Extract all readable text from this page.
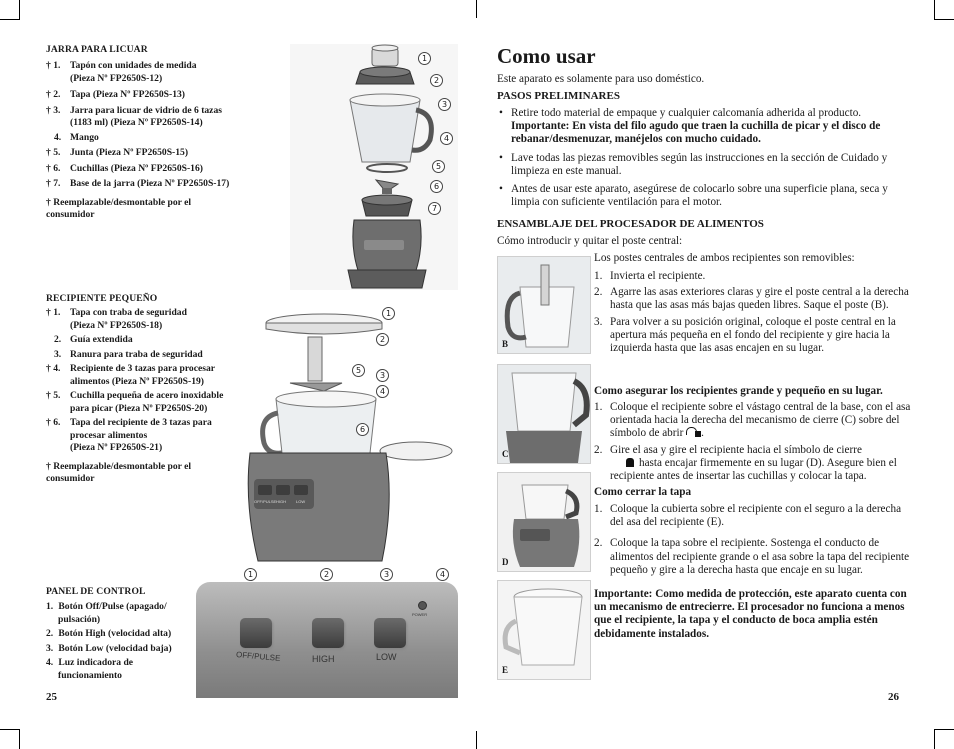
JARRA PARA LICUAR
† 1. Tapón con unidades de medida
(Pieza Nº FP2650S-12)
† 2. Tapa (Pieza Nº FP2650S-13)
† 3. Jarra para licuar de vidrio de 6 tazas
(1183 ml) (Pieza Nº FP2650S-14)
4. Mango
† 5. Junta (Pieza Nº FP2650S-15)
† 6. Cuchillas (Pieza Nº FP2650S-16)
† 7. Base de la jarra (Pieza Nº FP2650S-17)
† Reemplazable/desmontable por el
consumidor
1
2
3
4
5
6
7
RECIPIENTE PEQUEÑO
† 1. Tapa con traba de seguridad
(Pieza Nº FP2650S-18)
2. Guía extendida
3. Ranura para traba de seguridad
† 4. Recipiente de 3 tazas para procesar
alimentos (Pieza Nº FP2650S-19)
† 5. Cuchilla pequeña de acero inoxidable
para picar (Pieza Nº FP2650S-20)
† 6. Tapa del recipiente de 3 tazas para
procesar alimentos
(Pieza Nº FP2650S-21)
† Reemplazable/desmontable por el
consumidor
OFF/PULSE HIGH	LOW
1
2
5
3
4
6
PANEL DE CONTROL
1. Botón Off/Pulse (apagado/
pulsación)
2. Botón High (velocidad alta)
3. Botón Low (velocidad baja)
4. Luz indicadora de
funcionamiento
OFF/PULSE	HIGH	LOW
POWER
1	2	3	4
25
Como usar
Este aparato es solamente para uso doméstico.
PASOS PRELIMINARES
• Retire todo material de empaque y cualquier calcomanía adherida al producto.
Importante: En vista del filo agudo que traen la cuchilla de picar y el disco de rebanar/desmenuzar, manéjelos con mucho cuidado.
• Lave todas las piezas removibles según las instrucciones en la sección de Cuidado y limpieza en este manual.
• Antes de usar este aparato, asegúrese de colocarlo sobre una superficie plana, seca y limpia con suficiente ventilación para el motor.
ENSAMBLAJE DEL PROCESADOR DE ALIMENTOS
Cómo introducir y quitar el poste central:
B
C
D
E
Los postes centrales de ambos recipientes son removibles:
1. Invierta el recipiente.
2. Agarre las asas exteriores claras y gire el poste central a la derecha hasta que las asas más bajas queden libres. Saque el poste (B).
3. Para volver a su posición original, coloque el poste central en la apertura más pequeña en el fondo del recipiente y gire hacia la izquierda hasta que las asas encajen en su lugar.
Como asegurar los recipientes grande y pequeño en su lugar.
1. Coloque el recipiente sobre el vástago central de la base, con el asa orientada hacia la derecha del mecanismo de cierre (C) sobre del símbolo de abrir .
2. Gire el asa y gire el recipiente hacia el símbolo de cierre
hasta encajar firmemente en su lugar (D). Asegure bien el recipiente antes de insertar las cuchillas y colocar la tapa.
Como cerrar la tapa
1. Coloque la cubierta sobre el recipiente con el seguro a la derecha del asa del recipiente (E).
2. Coloque la tapa sobre el recipiente. Sostenga el conducto de alimentos del recipiente grande o el asa sobre la tapa del recipiente pequeño y gire a la derecha hasta que encaje en su lugar.
Importante: Como medida de protección, este aparato cuenta con un mecanismo de entrecierre. El procesador no funciona a menos que el recipiente, la tapa y el conducto de boca amplia estén debidamente instalados.
26
